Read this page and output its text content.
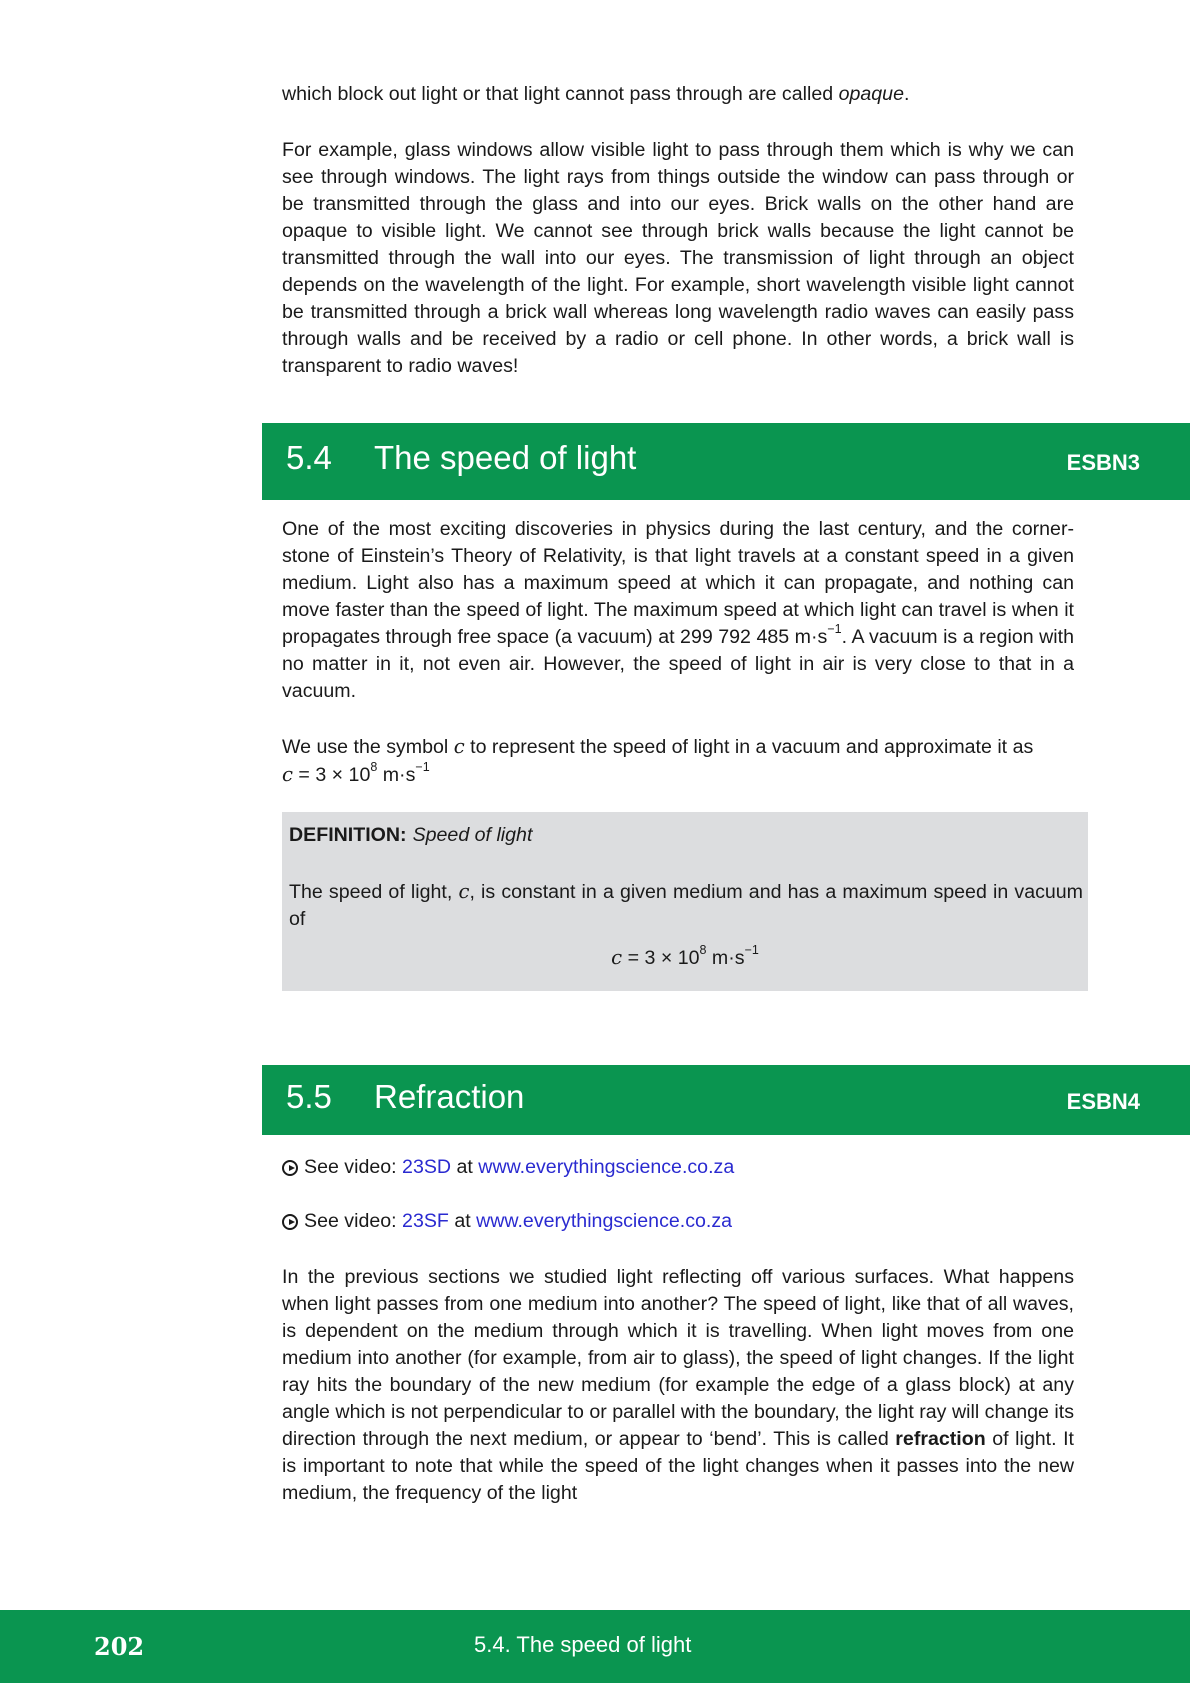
which block out light or that light cannot pass through are called opaque.

For example, glass windows allow visible light to pass through them which is why we can see through windows. The light rays from things outside the window can pass through or be transmitted through the glass and into our eyes. Brick walls on the other hand are opaque to visible light. We cannot see through brick walls because the light cannot be transmitted through the wall into our eyes. The transmission of light through an object depends on the wavelength of the light. For example, short wavelength visible light cannot be transmitted through a brick wall whereas long wavelength radio waves can easily pass through walls and be received by a radio or cell phone. In other words, a brick wall is transparent to radio waves!

5.4 The speed of light	ESBN3

One of the most exciting discoveries in physics during the last century, and the corner-stone of Einstein’s Theory of Relativity, is that light travels at a constant speed in a given medium. Light also has a maximum speed at which it can propagate, and nothing can move faster than the speed of light. The maximum speed at which light can travel is when it propagates through free space (a vacuum) at 299 792 485 $m\cdot s^{-1}$. A vacuum is a region with no matter in it, not even air. However, the speed of light in air is very close to that in a vacuum.

We use the symbol c to represent the speed of light in a vacuum and approximate it as
$c = 3 \times 10^8$ $m\cdot s^{-1}$

DEFINITION: Speed of light

The speed of light, c, is constant in a given medium and has a maximum speed in vacuum of

$c = 3 \times 10^8$ $m\cdot s^{-1}$
5.5 Refraction	ESBN4
See video: 23SD at www.everythingscience.co.za
See video: 23SF at www.everythingscience.co.za

In the previous sections we studied light reflecting off various surfaces. What happens when light passes from one medium into another? The speed of light, like that of all waves, is dependent on the medium through which it is travelling. When light moves from one medium into another (for example, from air to glass), the speed of light changes. If the light ray hits the boundary of the new medium (for example the edge of a glass block) at any angle which is not perpendicular to or parallel with the boundary, the light ray will change its direction through the next medium, or appear to ‘bend’. This is called refraction of light. It is important to note that while the speed of the light changes when it passes into the new medium, the frequency of the light

202	5.4. The speed of light
